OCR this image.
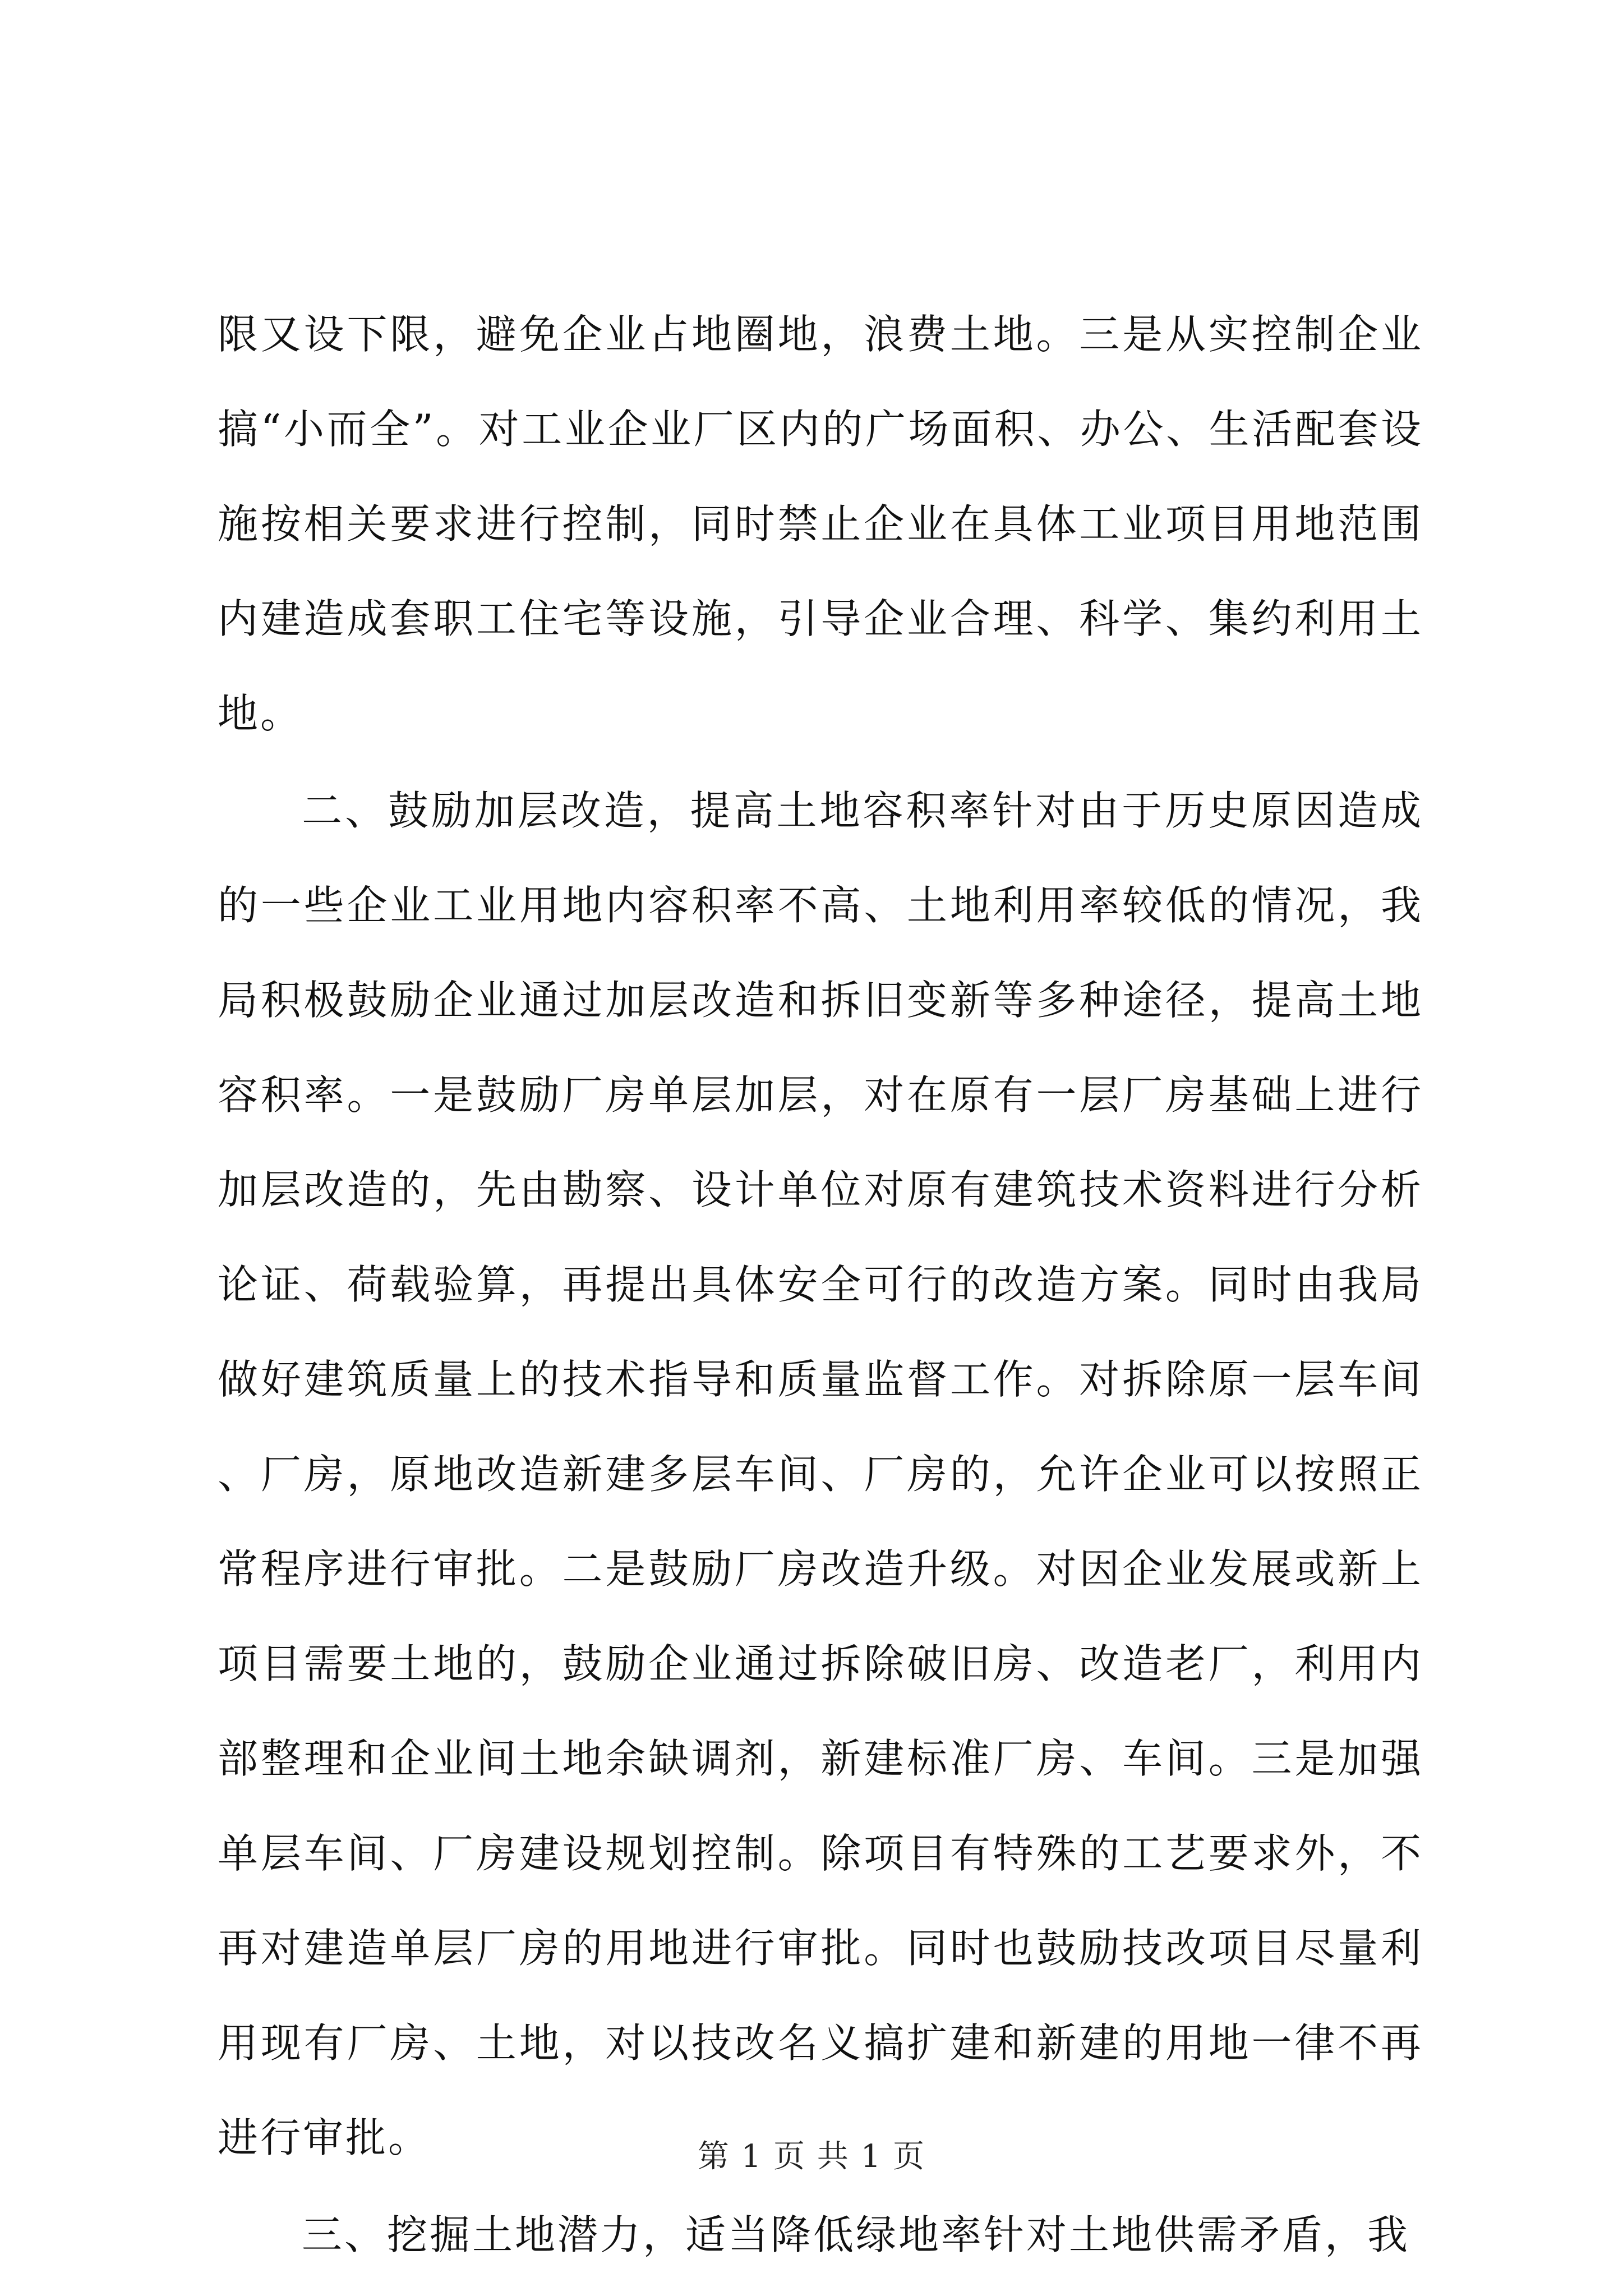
限又设下限，避免企业占地圈地，浪费土地。三是从实控制企业搞“小而全”。对工业企业厂区内的广场面积、办公、生活配套设施按相关要求进行控制，同时禁止企业在具体工业项目用地范围内建造成套职工住宅等设施，引导企业合理、科学、集约利用土地。

二、鼓励加层改造，提高土地容积率针对由于历史原因造成的一些企业工业用地内容积率不高、土地利用率较低的情况，我局积极鼓励企业通过加层改造和拆旧变新等多种途径，提高土地容积率。一是鼓励厂房单层加层，对在原有一层厂房基础上进行加层改造的，先由勘察、设计单位对原有建筑技术资料进行分析论证、荷载验算，再提出具体安全可行的改造方案。同时由我局做好建筑质量上的技术指导和质量监督工作。对拆除原一层车间、厂房，原地改造新建多层车间、厂房的，允许企业可以按照正常程序进行审批。二是鼓励厂房改造升级。对因企业发展或新上项目需要土地的，鼓励企业通过拆除破旧房、改造老厂，利用内部整理和企业间土地余缺调剂，新建标准厂房、车间。三是加强单层车间、厂房建设规划控制。除项目有特殊的工艺要求外，不再对建造单层厂房的用地进行审批。同时也鼓励技改项目尽量利用现有厂房、土地，对以技改名义搞扩建和新建的用地一律不再进行审批。

三、挖掘土地潜力，适当降低绿地率针对土地供需矛盾，我

第 1 页 共 1 页
